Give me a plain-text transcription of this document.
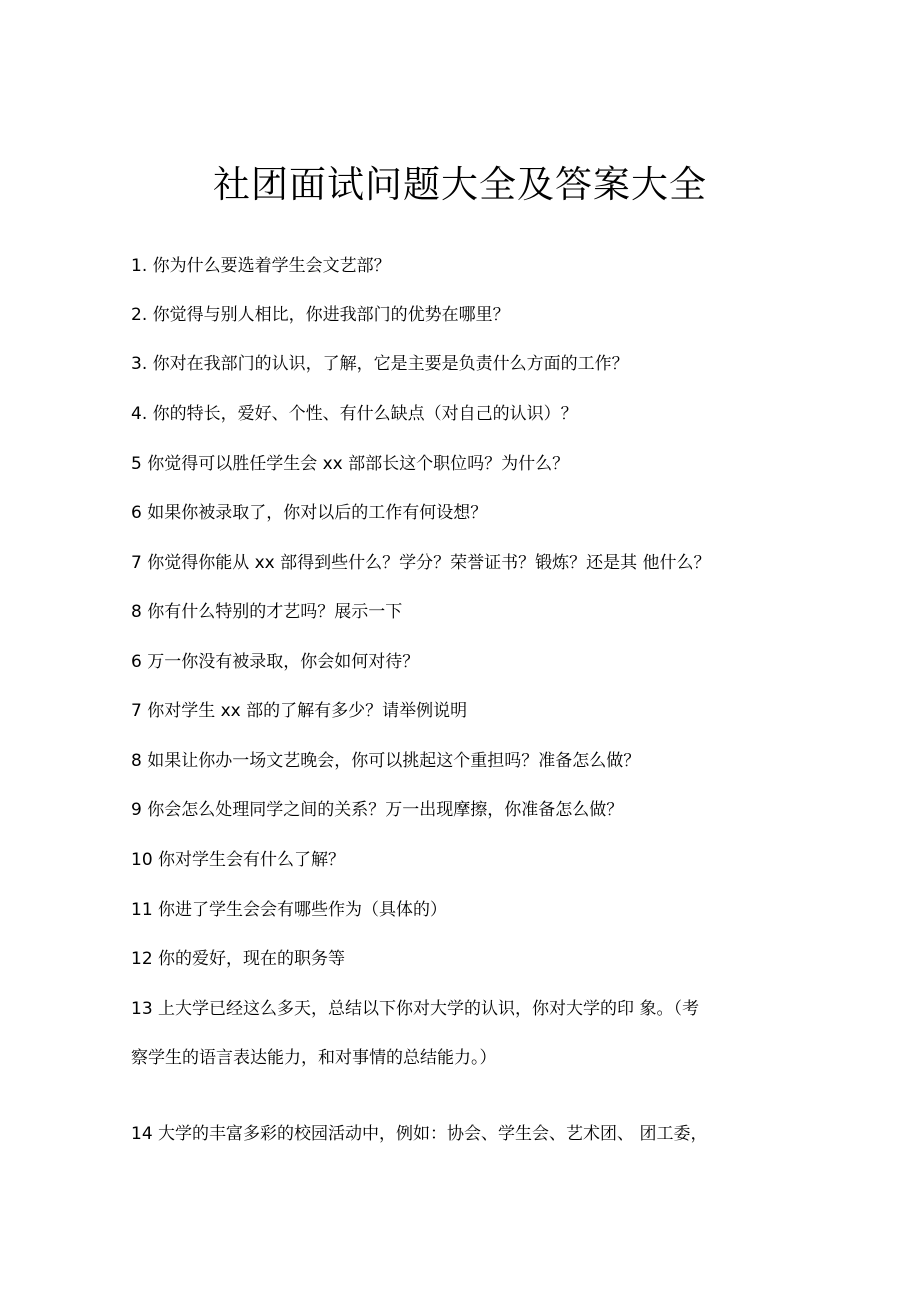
社团面试问题大全及答案大全
1. 你为什么要选着学生会文艺部？
2. 你觉得与别人相比，你进我部门的优势在哪里？
3. 你对在我部门的认识，了解，它是主要是负责什么方面的工作？
4. 你的特长，爱好、个性、有什么缺点（对自己的认识）？
5 你觉得可以胜任学生会 xx 部部长这个职位吗？为什么？
6 如果你被录取了，你对以后的工作有何设想？
7 你觉得你能从 xx 部得到些什么？学分？荣誉证书？锻炼？还是其 他什么？
8 你有什么特别的才艺吗？展示一下
6 万一你没有被录取，你会如何对待？
7 你对学生 xx 部的了解有多少？请举例说明
8 如果让你办一场文艺晚会，你可以挑起这个重担吗？准备怎么做？
9 你会怎么处理同学之间的关系？万一出现摩擦，你准备怎么做？
10 你对学生会有什么了解？
11 你进了学生会会有哪些作为（具体的）
12 你的爱好，现在的职务等
13 上大学已经这么多天，总结以下你对大学的认识，你对大学的印 象。（考
察学生的语言表达能力，和对事情的总结能力。）
14 大学的丰富多彩的校园活动中，例如：协会、学生会、艺术团、 团工委，
